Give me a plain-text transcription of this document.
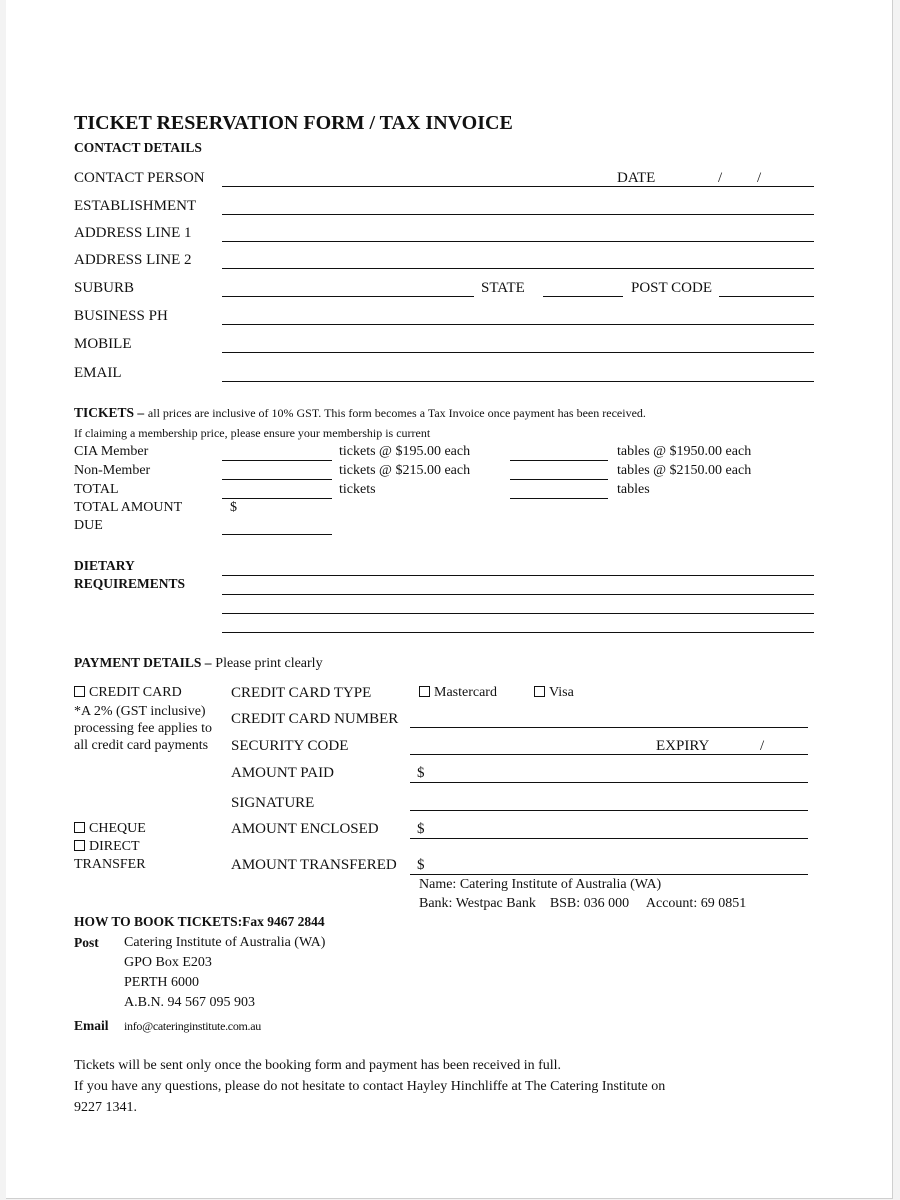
TICKET RESERVATION FORM / TAX INVOICE
CONTACT DETAILS
CONTACT PERSON	DATE	/ /
ESTABLISHMENT
ADDRESS LINE 1
ADDRESS LINE 2
SUBURB	STATE	POST CODE
BUSINESS PH
MOBILE
EMAIL
TICKETS – all prices are inclusive of 10% GST. This form becomes a Tax Invoice once payment has been received.
If claiming a membership price, please ensure your membership is current
CIA Member	tickets @ $195.00 each	tables @ $1950.00 each
Non-Member	tickets @ $215.00 each	tables @ $2150.00 each
TOTAL	tickets	tables
TOTAL AMOUNT
DUE
$
DIETARY
REQUIREMENTS
PAYMENT DETAILS – Please print clearly
CREDIT CARD
*A 2% (GST inclusive)
processing fee applies to
all credit card payments
CREDIT CARD TYPE	Mastercard	Visa
CREDIT CARD NUMBER
SECURITY CODE	EXPIRY	/
AMOUNT PAID	$
SIGNATURE
CHEQUE
DIRECT
TRANSFER
AMOUNT ENCLOSED	$
AMOUNT TRANSFERED $
Name: Catering Institute of Australia (WA)
Bank: Westpac Bank    BSB: 036 000     Account: 69 0851
HOW TO BOOK TICKETS:Fax 9467 2844
Post Catering Institute of Australia (WA)
GPO Box E203
PERTH 6000
A.B.N. 94 567 095 903
Email info@cateringinstitute.com.au
Tickets will be sent only once the booking form and payment has been received in full.
If you have any questions, please do not hesitate to contact Hayley Hinchliffe at The Catering Institute on
9227 1341.
